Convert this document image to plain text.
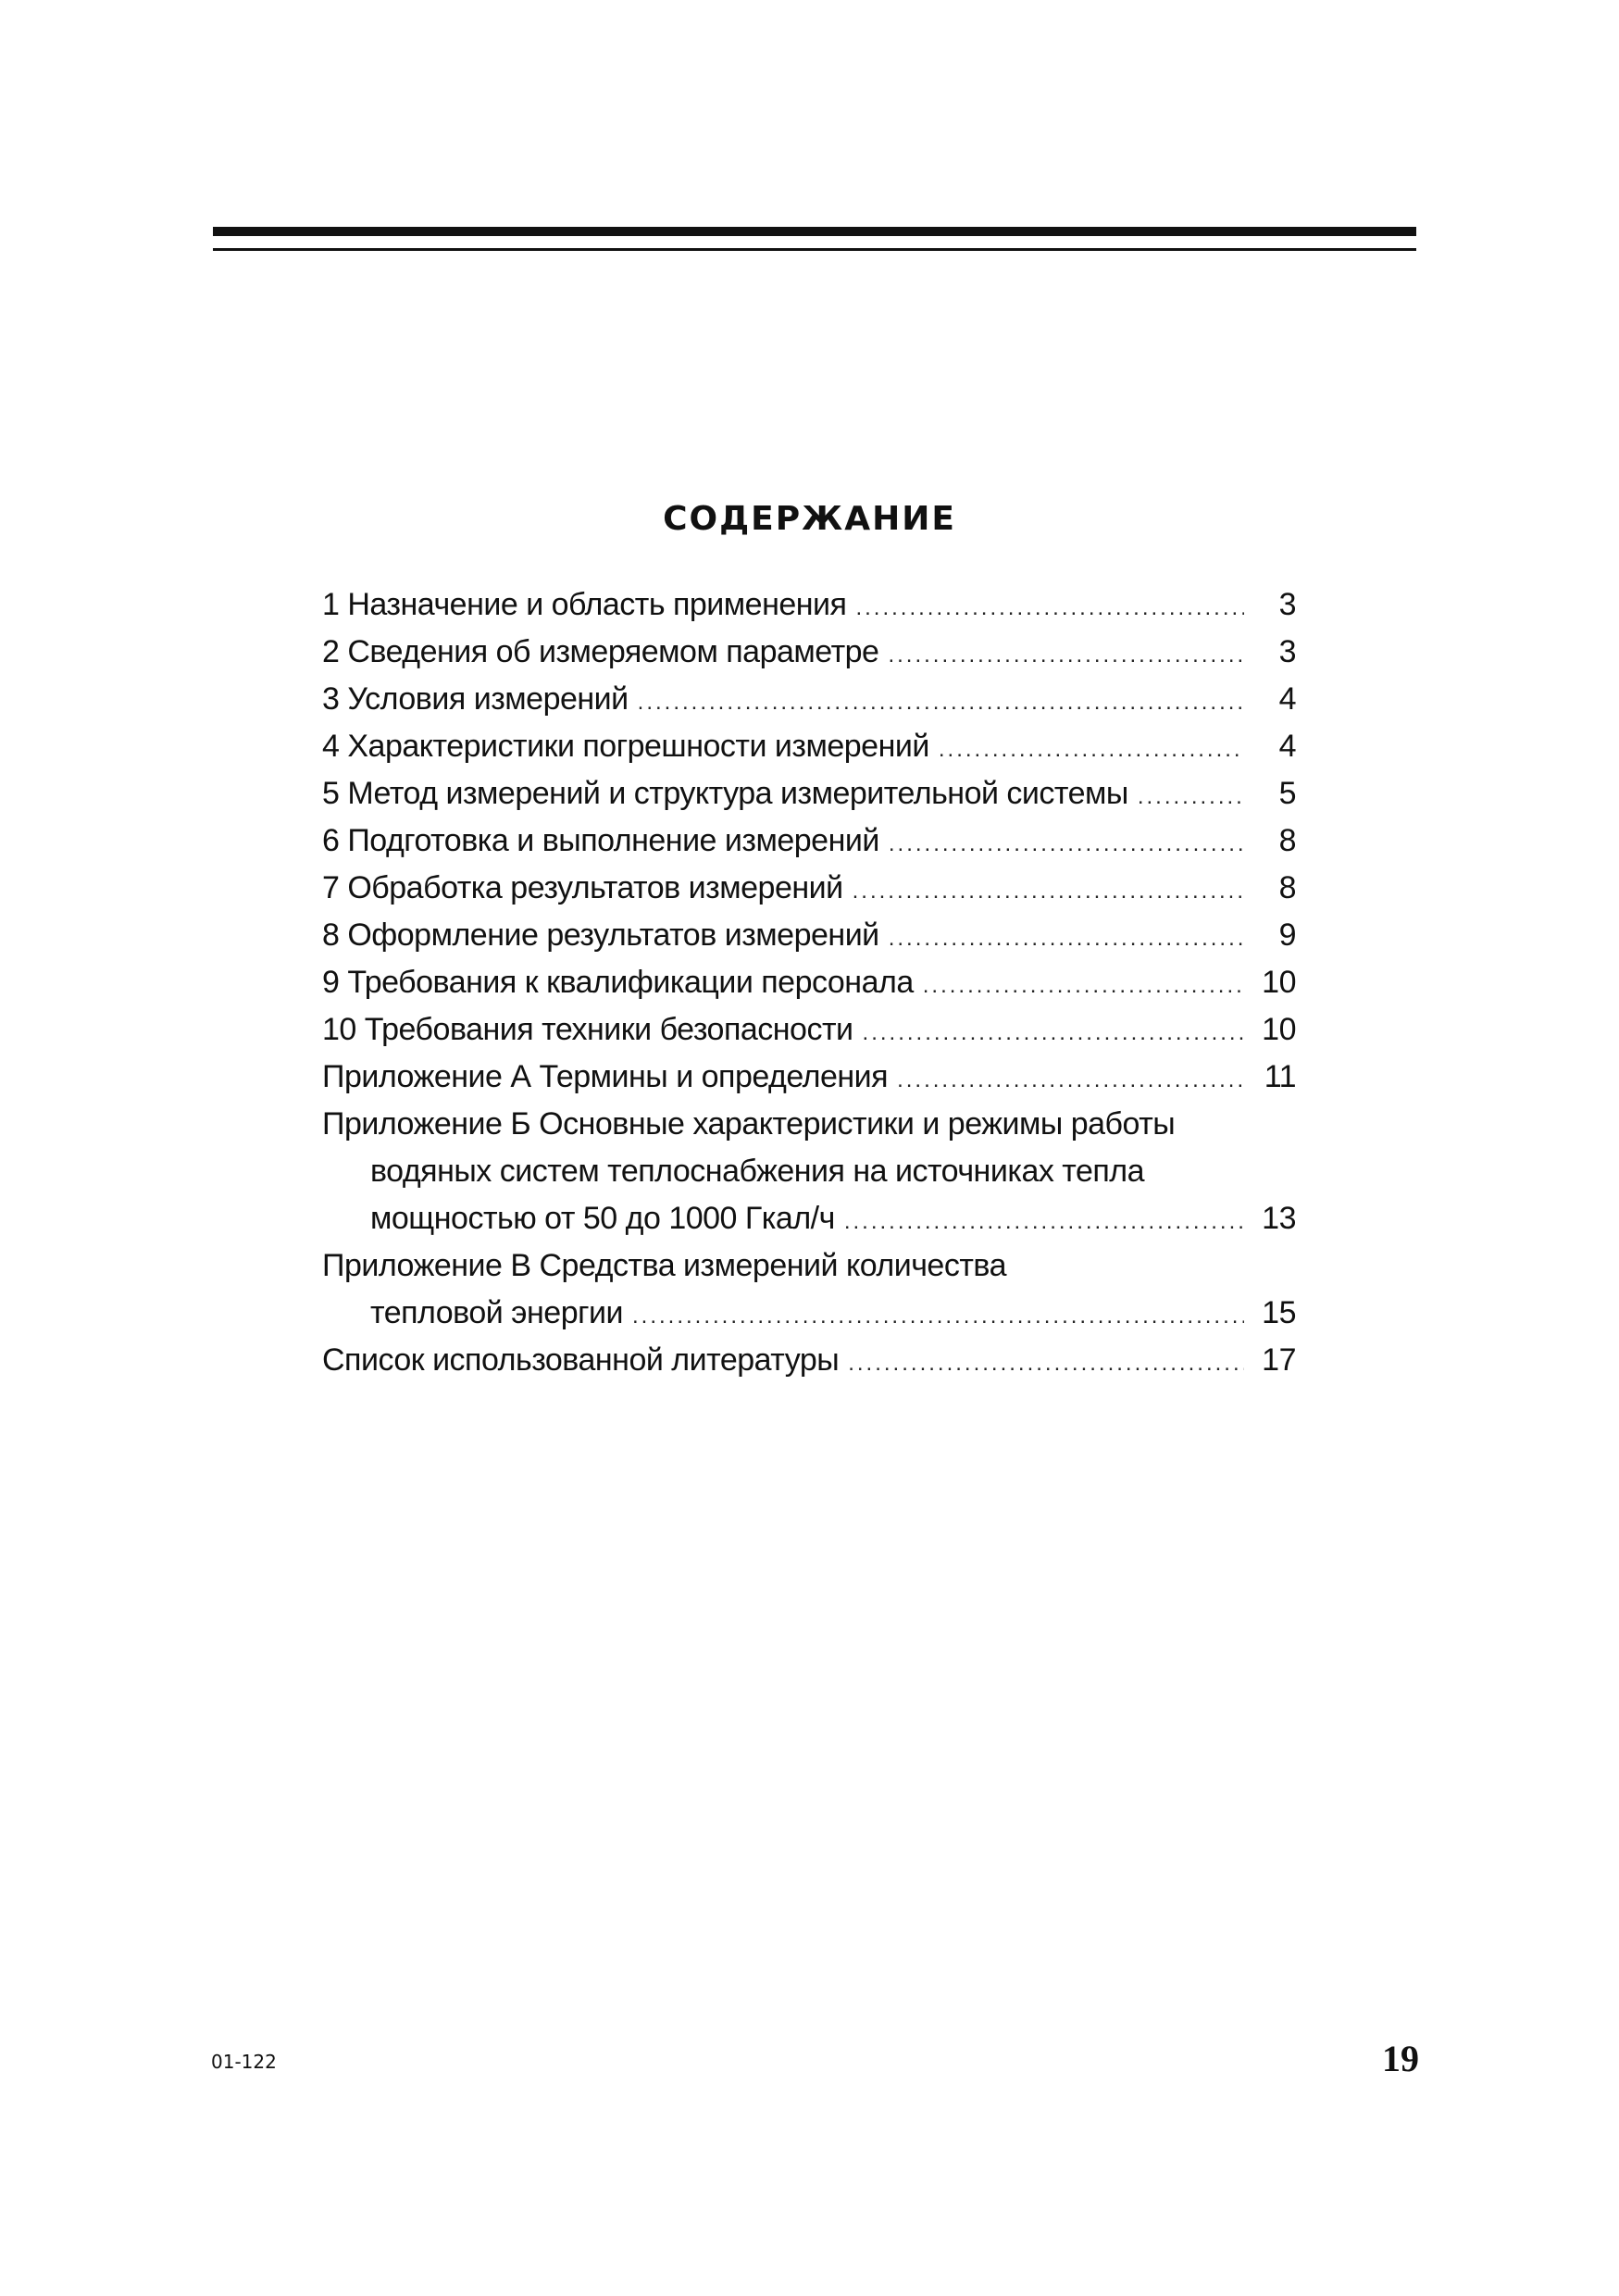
СОДЕРЖАНИЕ
1 Назначение и область применения .....	3
2 Сведения об измеряемом параметре .....	3
3 Условия измерений .....	4
4 Характеристики погрешности измерений .....	4
5 Метод измерений и структура измерительной системы .....	5
6 Подготовка и выполнение измерений .....	8
7 Обработка результатов измерений .....	8
8 Оформление результатов измерений .....	9
9 Требования к квалификации персонала .....	10
10 Требования техники безопасности .....	10
Приложение А Термины и определения .....	11
Приложение Б Основные характеристики и режимы работы
водяных систем теплоснабжения на источниках тепла
мощностью от 50 до 1000 Гкал/ч .....	13
Приложение В Средства измерений количества
тепловой энергии .....	15
Список использованной литературы .....	17
01-122	19
